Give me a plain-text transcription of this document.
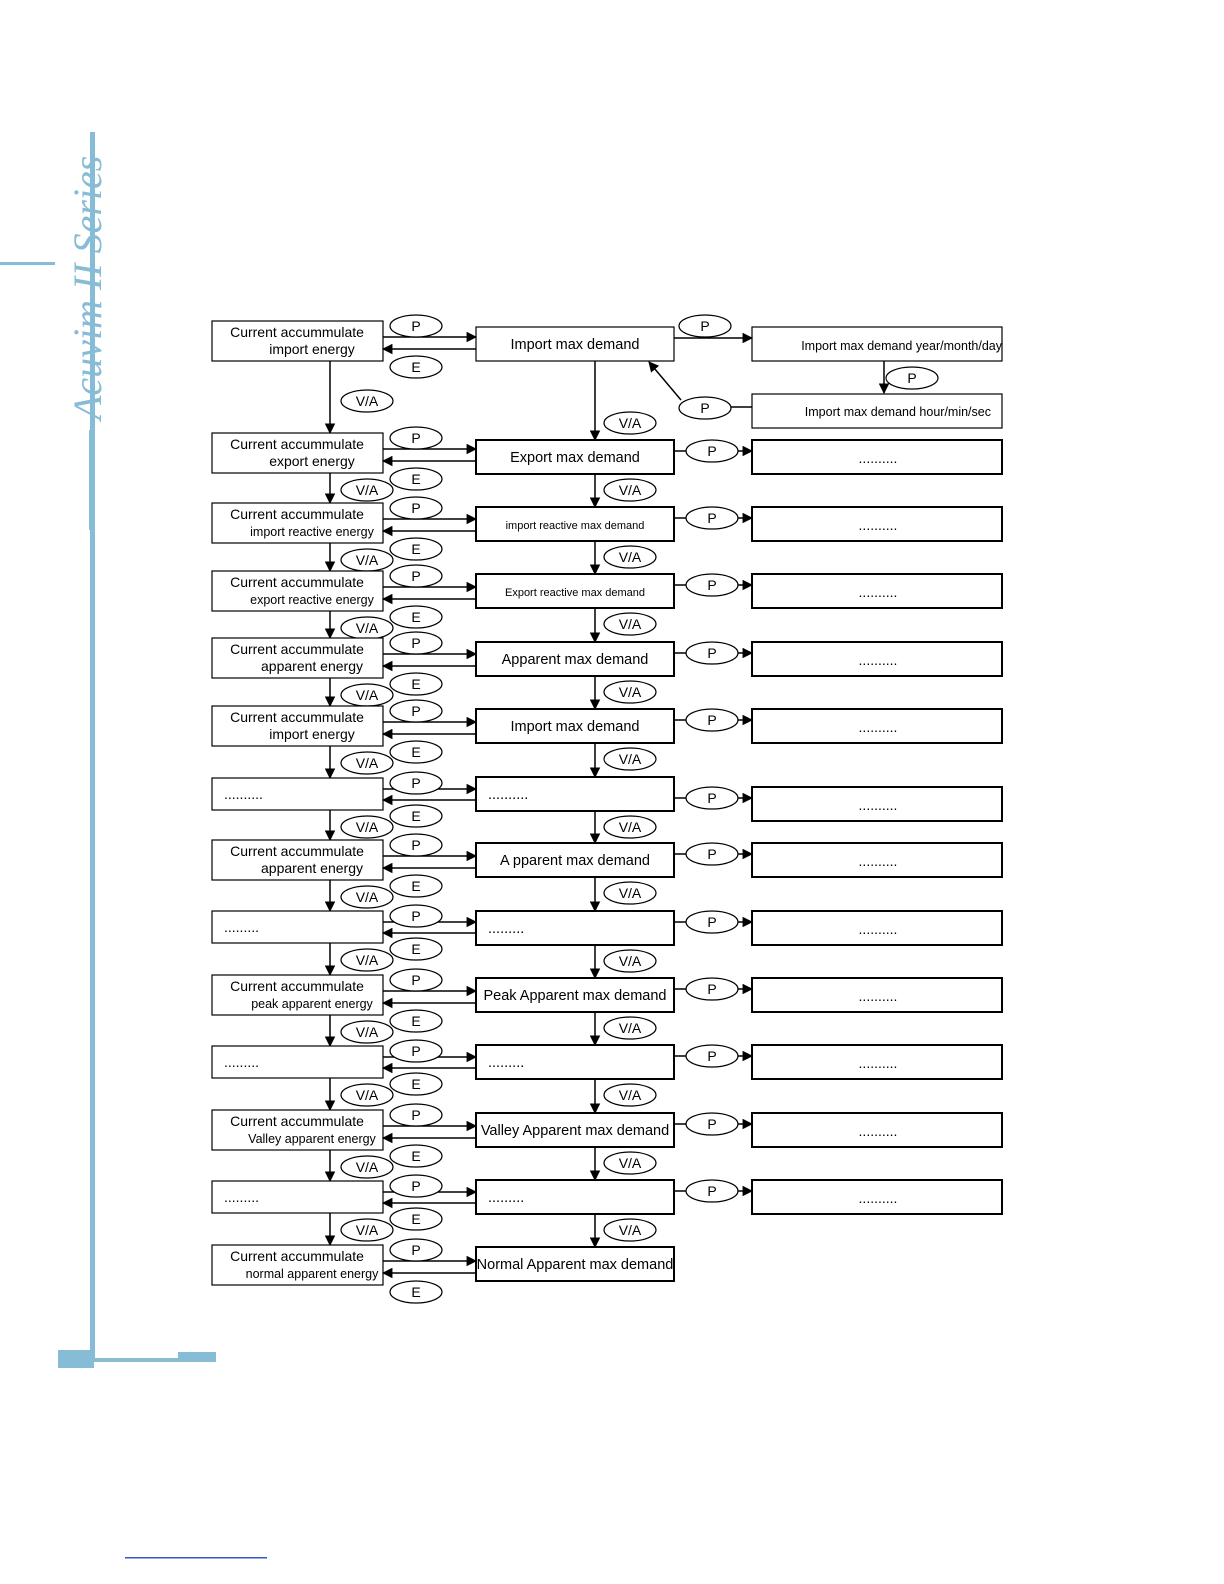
Acuvim II Series	Current accummulate
import energy	Import max demand
P
E
V/A
V/A
Current accummulate
export energy	Export max demand
P
E
V/A	V/A
Current accummulate
import reactive energy	import reactive max demand
P
E
V/A	V/A
Current accummulate
export reactive energy	Export reactive max demand
P
E
V/A	V/A
Current accummulate
apparent energy	Apparent max demand
P
E
V/A	V/A
Current accummulate
import energy	Import max demand
P
E
V/A	V/A
..........	..........
P
E
V/A	V/A
Current accummulate
apparent energy	A pparent max demand
P
E
V/A	V/A
.........	.........
P
E
V/A	V/A
Current accummulate
peak apparent energy	Peak Apparent max demand
P
E
V/A	V/A
.........	.........
P
E
V/A	V/A
Current accummulate
Valley apparent energy	Valley Apparent max demand
P
E
V/A	V/A
.........	.........
P
E
V/A	V/A
Current accummulate
normal apparent energy
Normal Apparent max demand
P
E
Import max demand year/month/day
P
P
Import max demand hour/min/sec
P
..........
P
..........
P
..........
P
..........
P
..........
P
..........
P
..........
P
..........
P
..........
P
..........
P
..........
P
..........
P
